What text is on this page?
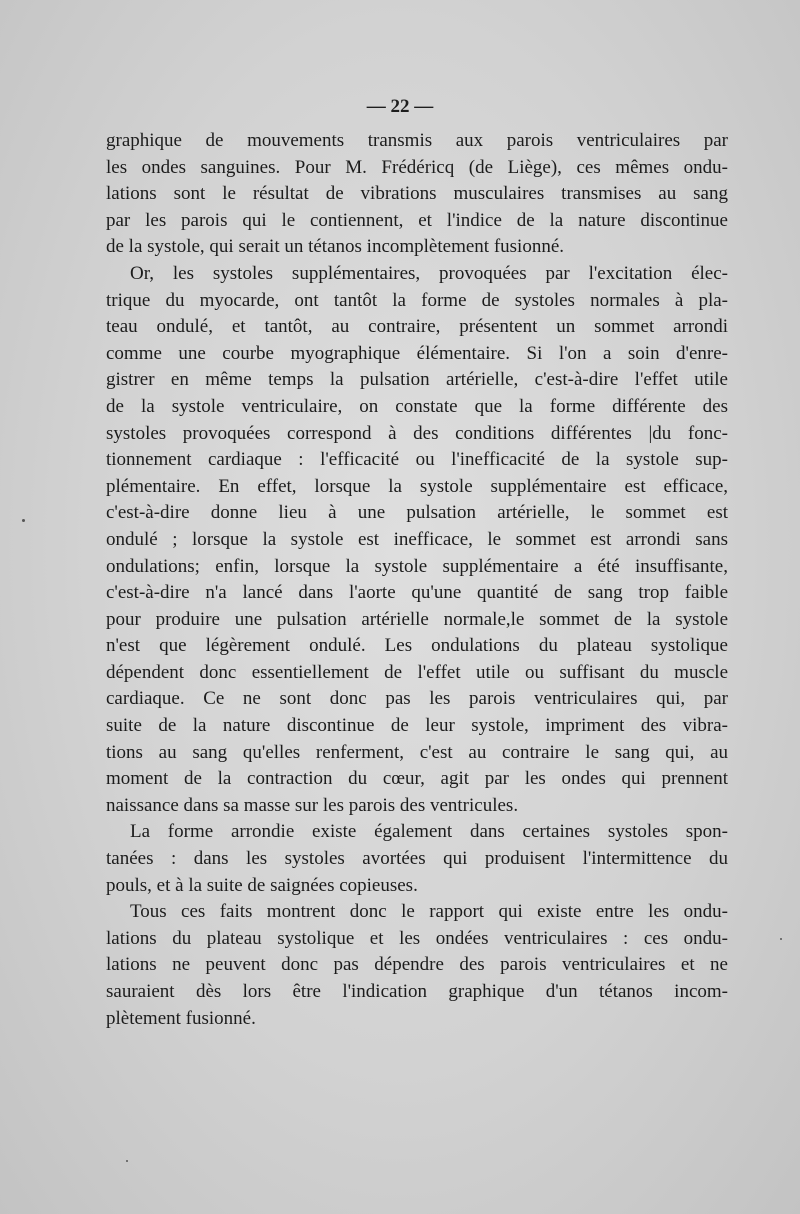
— 22 —
graphique de mouvements transmis aux parois ventriculaires par
les ondes sanguines. Pour M. Frédéricq (de Liège), ces mêmes ondu-
lations sont le résultat de vibrations musculaires transmises au sang
par les parois qui le contiennent, et l'indice de la nature discontinue
de la systole, qui serait un tétanos incomplètement fusionné.
Or, les systoles supplémentaires, provoquées par l'excitation élec-
trique du myocarde, ont tantôt la forme de systoles normales à pla-
teau ondulé, et tantôt, au contraire, présentent un sommet arrondi
comme une courbe myographique élémentaire. Si l'on a soin d'enre-
gistrer en même temps la pulsation artérielle, c'est-à-dire l'effet utile
de la systole ventriculaire, on constate que la forme différente des
systoles provoquées correspond à des conditions différentes |du fonc-
tionnement cardiaque : l'efficacité ou l'inefficacité de la systole sup-
plémentaire. En effet, lorsque la systole supplémentaire est efficace,
c'est-à-dire donne lieu à une pulsation artérielle, le sommet est
ondulé ; lorsque la systole est inefficace, le sommet est arrondi sans
ondulations; enfin, lorsque la systole supplémentaire a été insuffisante,
c'est-à-dire n'a lancé dans l'aorte qu'une quantité de sang trop faible
pour produire une pulsation artérielle normale,le sommet de la systole
n'est que légèrement ondulé. Les ondulations du plateau systolique
dépendent donc essentiellement de l'effet utile ou suffisant du muscle
cardiaque. Ce ne sont donc pas les parois ventriculaires qui, par
suite de la nature discontinue de leur systole, impriment des vibra-
tions au sang qu'elles renferment, c'est au contraire le sang qui, au
moment de la contraction du cœur, agit par les ondes qui prennent
naissance dans sa masse sur les parois des ventricules.
La forme arrondie existe également dans certaines systoles spon-
tanées : dans les systoles avortées qui produisent l'intermittence du
pouls, et à la suite de saignées copieuses.
Tous ces faits montrent donc le rapport qui existe entre les ondu-
lations du plateau systolique et les ondées ventriculaires : ces ondu-
lations ne peuvent donc pas dépendre des parois ventriculaires et ne
sauraient dès lors être l'indication graphique d'un tétanos incom-
plètement fusionné.
